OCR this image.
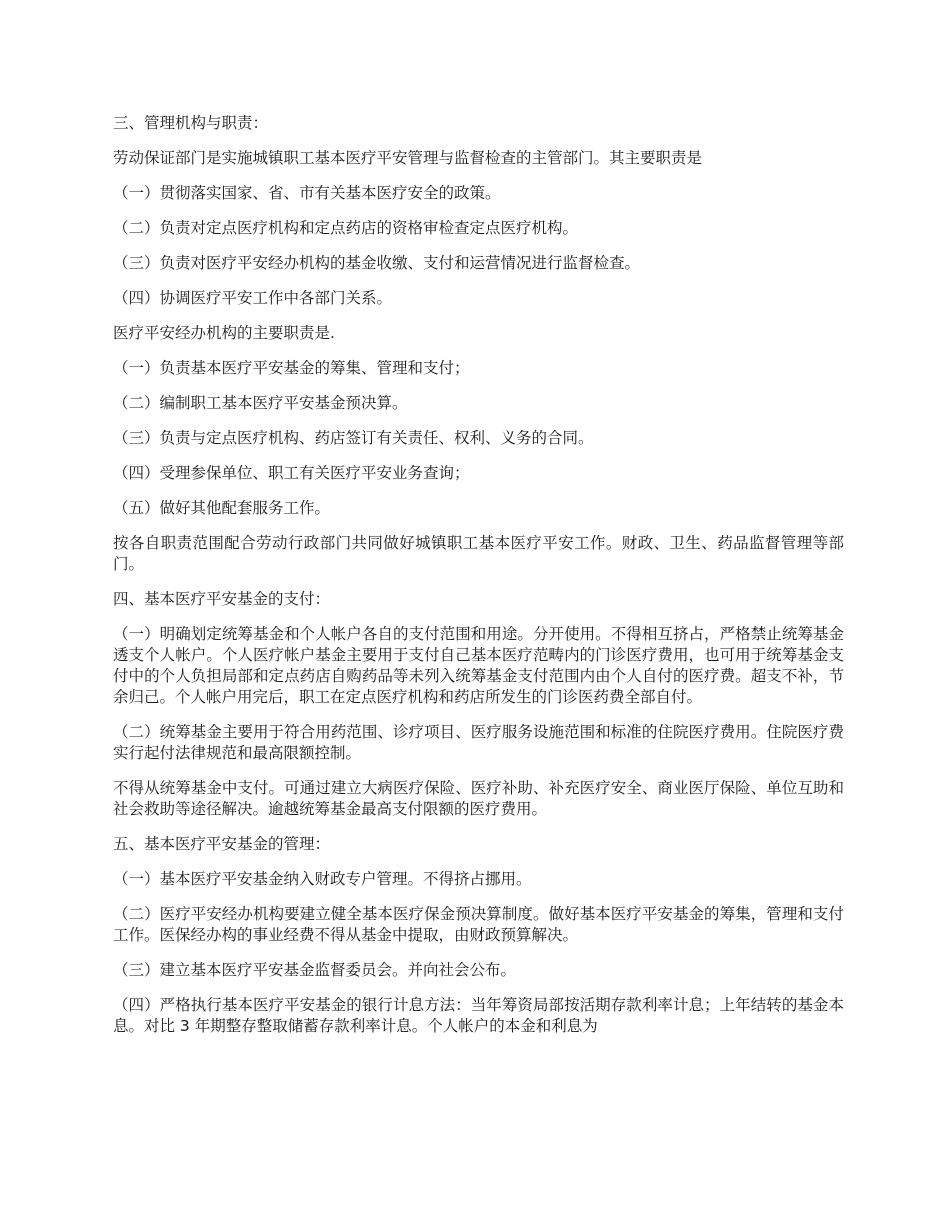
三、管理机构与职责：

劳动保证部门是实施城镇职工基本医疗平安管理与监督检查的主管部门。其主要职责是

（一）贯彻落实国家、省、市有关基本医疗安全的政策。

（二）负责对定点医疗机构和定点药店的资格审检查定点医疗机构。

（三）负责对医疗平安经办机构的基金收缴、支付和运营情况进行监督检查。

（四）协调医疗平安工作中各部门关系。

医疗平安经办机构的主要职责是.

（一）负责基本医疗平安基金的筹集、管理和支付；

（二）编制职工基本医疗平安基金预决算。

（三）负责与定点医疗机构、药店签订有关责任、权利、义务的合同。

（四）受理参保单位、职工有关医疗平安业务查询；

（五）做好其他配套服务工作。

按各自职责范围配合劳动行政部门共同做好城镇职工基本医疗平安工作。财政、卫生、药品监督管理等部门。

四、基本医疗平安基金的支付：

（一）明确划定统筹基金和个人帐户各自的支付范围和用途。分开使用。不得相互挤占，严格禁止统筹基金透支个人帐户。个人医疗帐户基金主要用于支付自己基本医疗范畴内的门诊医疗费用，也可用于统筹基金支付中的个人负担局部和定点药店自购药品等未列入统筹基金支付范围内由个人自付的医疗费。超支不补，节余归己。个人帐户用完后，职工在定点医疗机构和药店所发生的门诊医药费全部自付。

（二）统筹基金主要用于符合用药范围、诊疗项目、医疗服务设施范围和标准的住院医疗费用。住院医疗费实行起付法律规范和最高限额控制。

不得从统筹基金中支付。可通过建立大病医疗保险、医疗补助、补充医疗安全、商业医厅保险、单位互助和社会救助等途径解决。逾越统筹基金最高支付限额的医疗费用。

五、基本医疗平安基金的管理：

（一）基本医疗平安基金纳入财政专户管理。不得挤占挪用。

（二）医疗平安经办机构要建立健全基本医疗保金预决算制度。做好基本医疗平安基金的筹集，管理和支付工作。医保经办构的事业经费不得从基金中提取，由财政预算解决。

（三）建立基本医疗平安基金监督委员会。并向社会公布。

（四）严格执行基本医疗平安基金的银行计息方法：当年筹资局部按活期存款利率计息；上年结转的基金本息。对比 3 年期整存整取储蓄存款利率计息。个人帐户的本金和利息为
